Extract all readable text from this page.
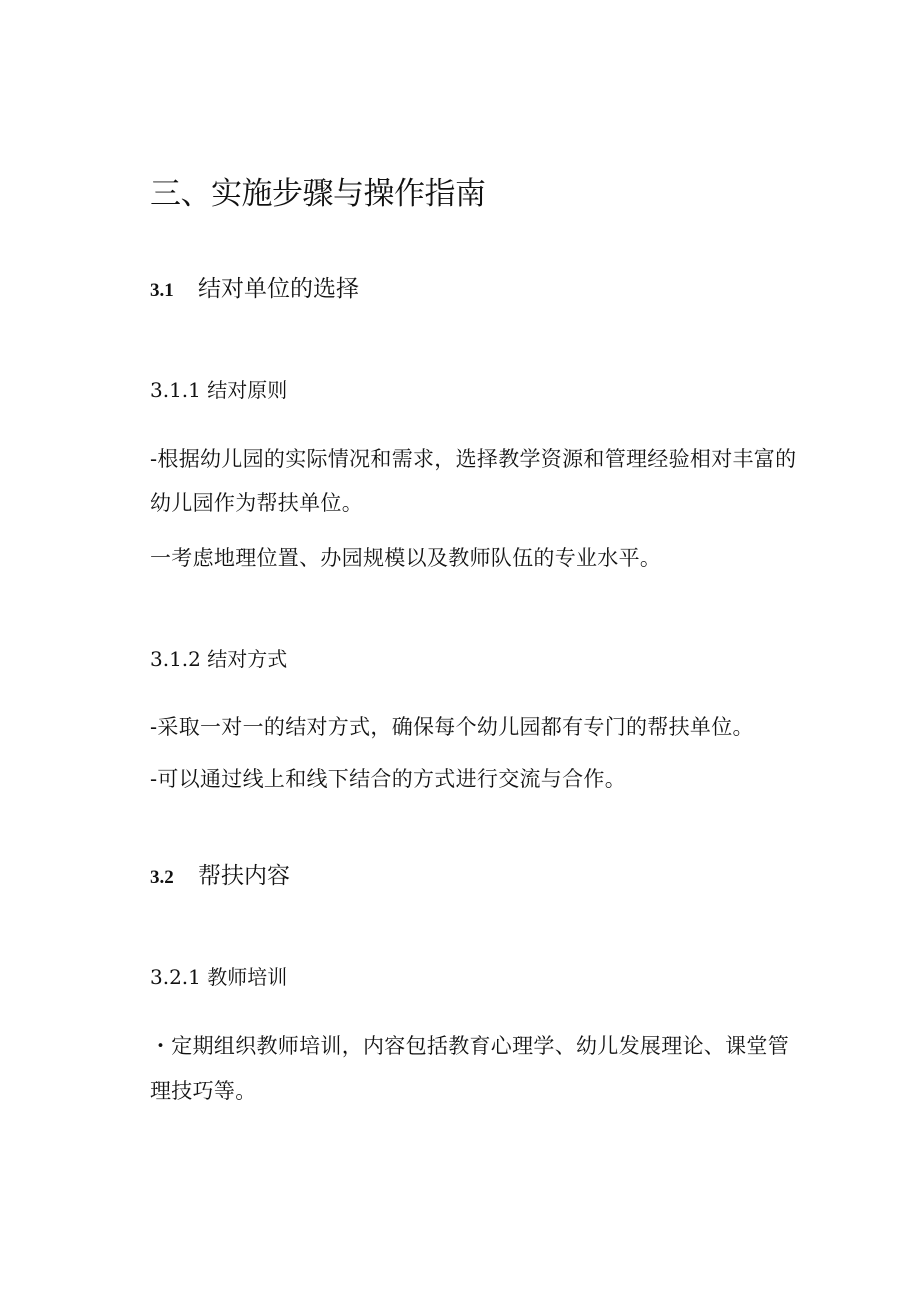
三、实施步骤与操作指南
3.1 结对单位的选择

3.1.1 结对原则

-根据幼儿园的实际情况和需求，选择教学资源和管理经验相对丰富的

幼儿园作为帮扶单位。

一考虑地理位置、办园规模以及教师队伍的专业水平。

3.1.2 结对方式

-采取一对一的结对方式，确保每个幼儿园都有专门的帮扶单位。

-可以通过线上和线下结合的方式进行交流与合作。

3.2 帮扶内容

3.2.1 教师培训

・定期组织教师培训，内容包括教育心理学、幼儿发展理论、课堂管

理技巧等。
